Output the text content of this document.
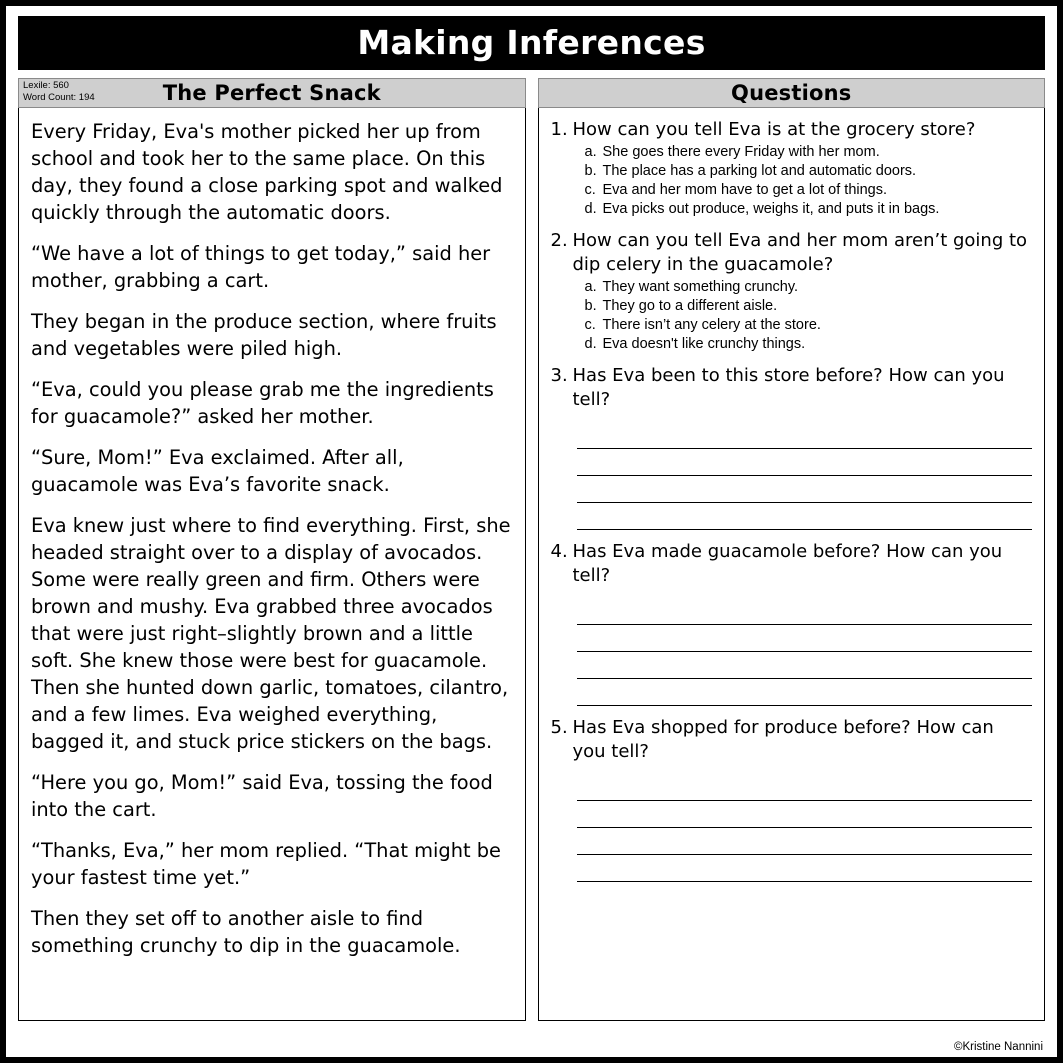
Making Inferences
Lexile: 560
Word Count: 194	The Perfect Snack

Every Friday, Eva's mother picked her up from school and took her to the same place. On this day, they found a close parking spot and walked quickly through the automatic doors.

“We have a lot of things to get today,” said her mother, grabbing a cart.

They began in the produce section, where fruits and vegetables were piled high.

“Eva, could you please grab me the ingredients for guacamole?” asked her mother.

“Sure, Mom!” Eva exclaimed. After all, guacamole was Eva’s favorite snack.

Eva knew just where to find everything. First, she headed straight over to a display of avocados. Some were really green and firm. Others were brown and mushy. Eva grabbed three avocados that were just right–slightly brown and a little soft. She knew those were best for guacamole. Then she hunted down garlic, tomatoes, cilantro, and a few limes. Eva weighed everything, bagged it, and stuck price stickers on the bags.

“Here you go, Mom!” said Eva, tossing the food into the cart.

“Thanks, Eva,” her mom replied. “That might be your fastest time yet.”

Then they set off to another aisle to find something crunchy to dip in the guacamole.

Questions
1. How can you tell Eva is at the grocery store?
a. She goes there every Friday with her mom.
b. The place has a parking lot and automatic doors.
c. Eva and her mom have to get a lot of things.
d. Eva picks out produce, weighs it, and puts it in bags.
2. How can you tell Eva and her mom aren’t going to dip celery in the guacamole?
a. They want something crunchy.
b. They go to a different aisle.
c. There isn’t any celery at the store.
d. Eva doesn't like crunchy things.
3. Has Eva been to this store before? How can you tell?
4. Has Eva made guacamole before? How can you tell?
5. Has Eva shopped for produce before? How can you tell?
©Kristine Nannini
